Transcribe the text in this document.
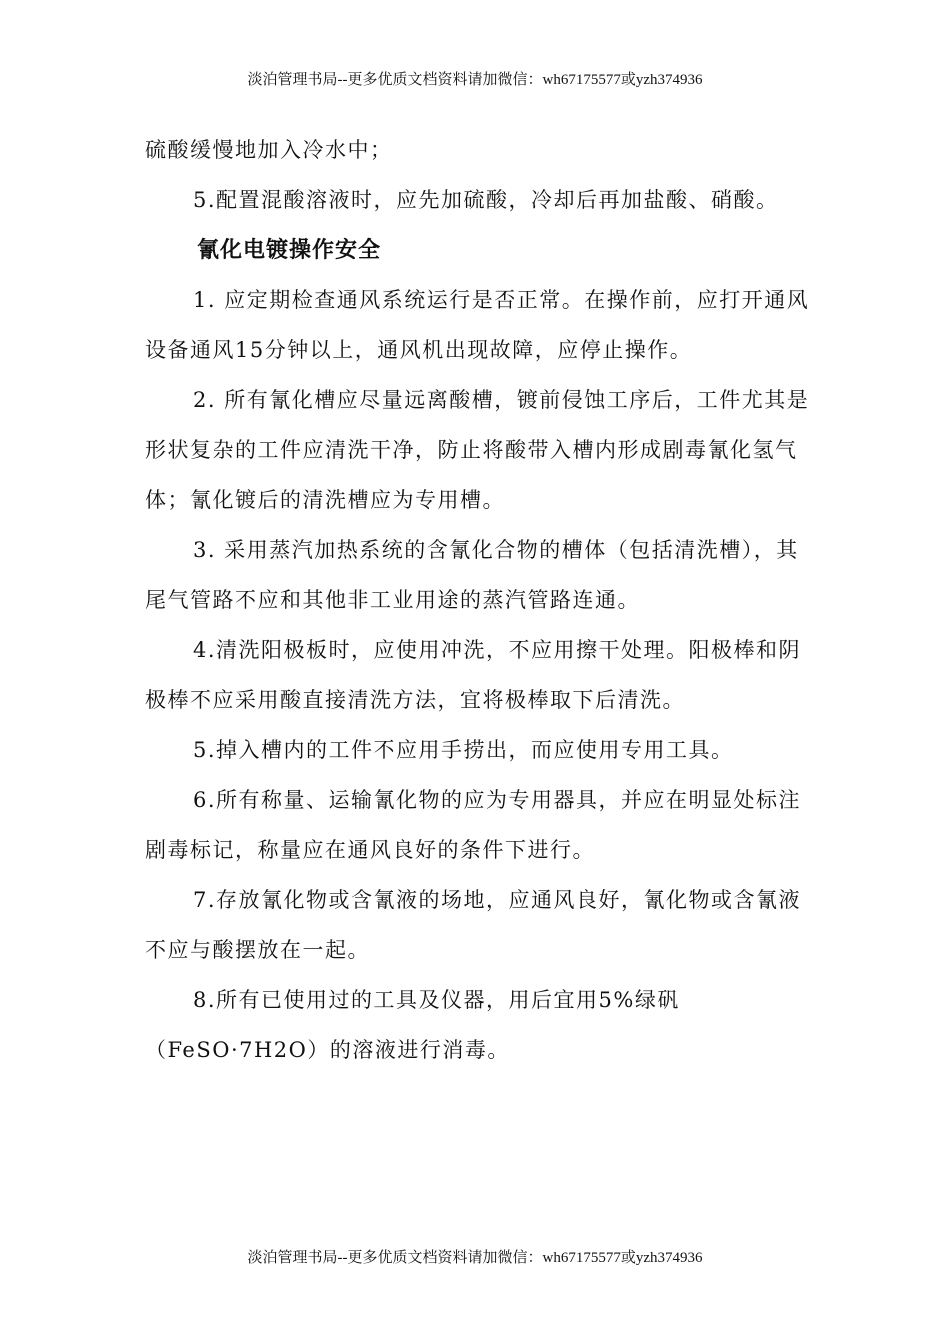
淡泊管理书局--更多优质文档资料请加微信：wh67175577或yzh374936

硫酸缓慢地加入冷水中；

5.配置混酸溶液时，应先加硫酸，冷却后再加盐酸、硝酸。

氰化电镀操作安全

1. 应定期检查通风系统运行是否正常。在操作前，应打开通风设备通风15分钟以上，通风机出现故障，应停止操作。

2. 所有氰化槽应尽量远离酸槽，镀前侵蚀工序后，工件尤其是形状复杂的工件应清洗干净，防止将酸带入槽内形成剧毒氰化氢气体；氰化镀后的清洗槽应为专用槽。

3. 采用蒸汽加热系统的含氰化合物的槽体（包括清洗槽），其尾气管路不应和其他非工业用途的蒸汽管路连通。

4.清洗阳极板时，应使用冲洗，不应用擦干处理。阳极棒和阴极棒不应采用酸直接清洗方法，宜将极棒取下后清洗。

5.掉入槽内的工件不应用手捞出，而应使用专用工具。

6.所有称量、运输氰化物的应为专用器具，并应在明显处标注剧毒标记，称量应在通风良好的条件下进行。

7.存放氰化物或含氰液的场地，应通风良好，氰化物或含氰液不应与酸摆放在一起。

8.所有已使用过的工具及仪器，用后宜用5%绿矾（FeSO·7H2O）的溶液进行消毒。

淡泊管理书局--更多优质文档资料请加微信：wh67175577或yzh374936
